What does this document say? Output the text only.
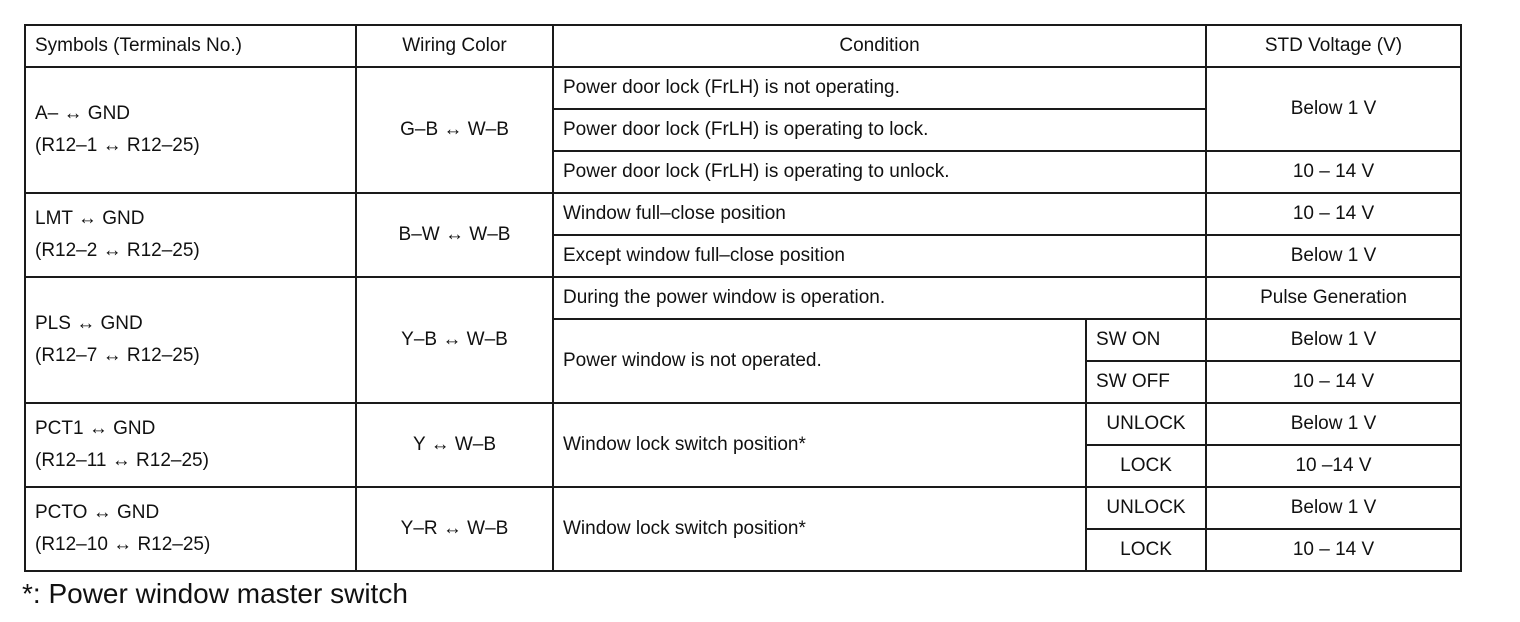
Symbols (Terminals No.)	Wiring Color	Condition		STD Voltage (V)

A– ↔ GND
(R12–1 ↔ R12–25)	G–B ↔ W–B	Power door lock (FrLH) is not operating.		Below 1 V
		Power door lock (FrLH) is operating to lock.		
		Power door lock (FrLH) is operating to unlock.		10 – 14 V

LMT ↔ GND
(R12–2 ↔ R12–25)	B–W ↔ W–B	Window full–close position		10 – 14 V
		Except window full–close position		Below 1 V

PLS ↔ GND
(R12–7 ↔ R12–25)	Y–B ↔ W–B	During the power window is operation.		Pulse Generation
		Power window is not operated.	SW ON	Below 1 V
			SW OFF	10 – 14 V

PCT1 ↔ GND
(R12–11 ↔ R12–25)	Y ↔ W–B	Window lock switch position*	UNLOCK	Below 1 V
			LOCK	10 –14 V

PCTO ↔ GND
(R12–10 ↔ R12–25)	Y–R ↔ W–B	Window lock switch position*	UNLOCK	Below 1 V
			LOCK	10 – 14 V
*: Power window master switch
